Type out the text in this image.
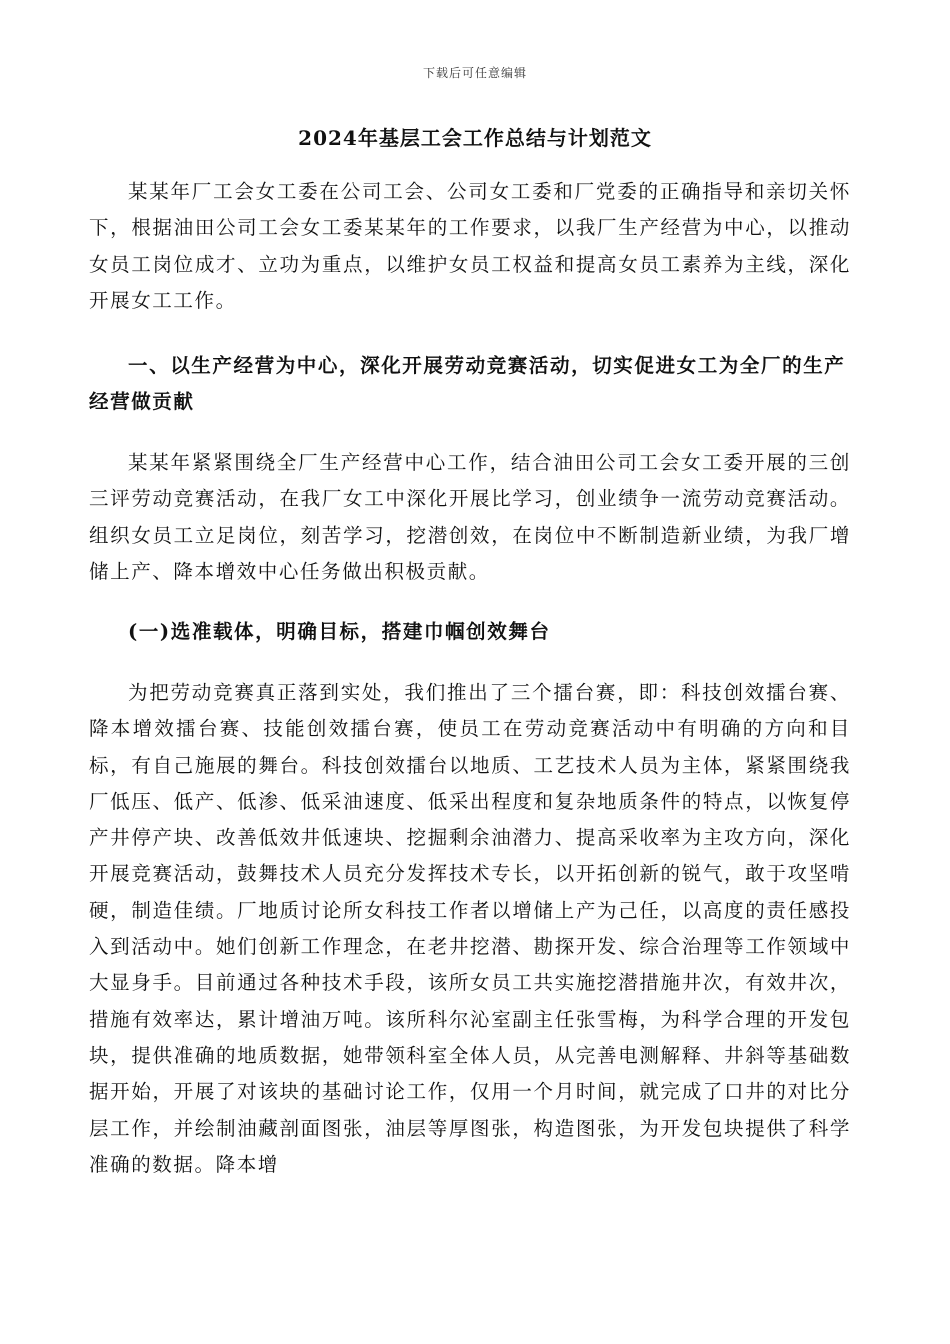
下载后可任意编辑
2024年基层工会工作总结与计划范文

某某年厂工会女工委在公司工会、公司女工委和厂党委的正确指导和亲切关怀下，根据油田公司工会女工委某某年的工作要求，以我厂生产经营为中心，以推动女员工岗位成才、立功为重点，以维护女员工权益和提高女员工素养为主线，深化开展女工工作。

一、以生产经营为中心，深化开展劳动竞赛活动，切实促进女工为全厂的生产经营做贡献

某某年紧紧围绕全厂生产经营中心工作，结合油田公司工会女工委开展的三创三评劳动竞赛活动，在我厂女工中深化开展比学习，创业绩争一流劳动竞赛活动。组织女员工立足岗位，刻苦学习，挖潜创效，在岗位中不断制造新业绩，为我厂增储上产、降本增效中心任务做出积极贡献。

(一)选准载体，明确目标，搭建巾帼创效舞台

为把劳动竞赛真正落到实处，我们推出了三个擂台赛，即：科技创效擂台赛、降本增效擂台赛、技能创效擂台赛，使员工在劳动竞赛活动中有明确的方向和目标，有自己施展的舞台。科技创效擂台以地质、工艺技术人员为主体，紧紧围绕我厂低压、低产、低渗、低采油速度、低采出程度和复杂地质条件的特点，以恢复停产井停产块、改善低效井低速块、挖掘剩余油潜力、提高采收率为主攻方向，深化开展竞赛活动，鼓舞技术人员充分发挥技术专长，以开拓创新的锐气，敢于攻坚啃硬，制造佳绩。厂地质讨论所女科技工作者以增储上产为己任，以高度的责任感投入到活动中。她们创新工作理念，在老井挖潜、勘探开发、综合治理等工作领域中大显身手。目前通过各种技术手段，该所女员工共实施挖潜措施井次，有效井次，措施有效率达，累计增油万吨。该所科尔沁室副主任张雪梅，为科学合理的开发包块，提供准确的地质数据，她带领科室全体人员，从完善电测解释、井斜等基础数据开始，开展了对该块的基础讨论工作，仅用一个月时间，就完成了口井的对比分层工作，并绘制油藏剖面图张，油层等厚图张，构造图张，为开发包块提供了科学准确的数据。降本增
